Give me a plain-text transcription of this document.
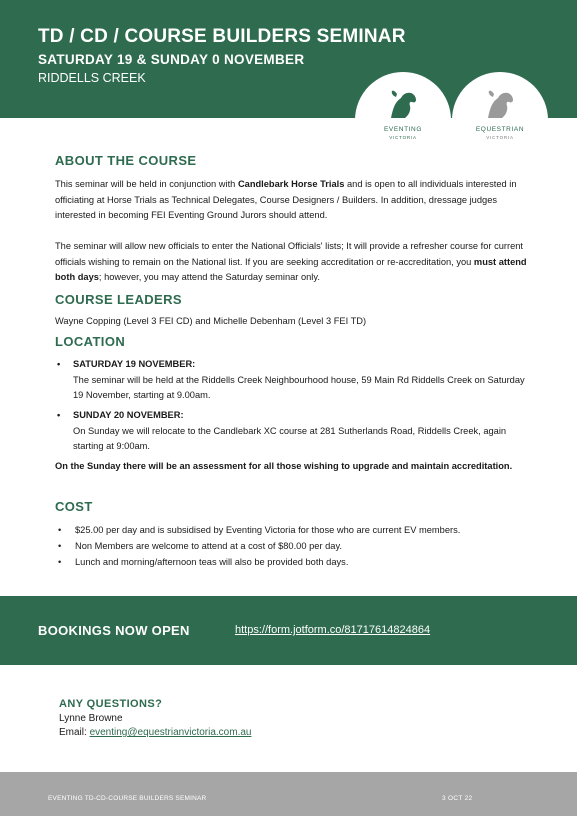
TD / CD / COURSE BUILDERS SEMINAR
SATURDAY 19 & SUNDAY 0 NOVEMBER
RIDDELLS CREEK
EVENTING
VICTORIA
EQUESTRIAN
VICTORIA
ABOUT THE COURSE

This seminar will be held in conjunction with Candlebark Horse Trials and is open to all individuals interested in officiating at Horse Trials as Technical Delegates, Course Designers / Builders. In addition, dressage judges interested in becoming FEI Eventing Ground Jurors should attend.

The seminar will allow new officials to enter the National Officials' lists; It will provide a refresher course for current officials wishing to remain on the National list. If you are seeking accreditation or re-accreditation, you must attend both days; however, you may attend the Saturday seminar only.

COURSE LEADERS
Wayne Copping (Level 3 FEI CD) and Michelle Debenham (Level 3 FEI TD)
LOCATION
• SATURDAY 19 NOVEMBER:
The seminar will be held at the Riddells Creek Neighbourhood house, 59 Main Rd Riddells Creek on Saturday 19 November, starting at 9.00am.
• SUNDAY 20 NOVEMBER:
On Sunday we will relocate to the Candlebark XC course at 281 Sutherlands Road, Riddells Creek, again starting at 9:00am.
On the Sunday there will be an assessment for all those wishing to upgrade and maintain accreditation.
COST
• $25.00 per day and is subsidised by Eventing Victoria for those who are current EV members.
• Non Members are welcome to attend at a cost of $80.00 per day.
• Lunch and morning/afternoon teas will also be provided both days.
BOOKINGS NOW OPEN	https://form.jotform.co/81717614824864
ANY QUESTIONS?
Lynne Browne
Email: eventing@equestrianvictoria.com.au
EVENTING TD-CD-COURSE BUILDERS SEMINAR	3 OCT 22
